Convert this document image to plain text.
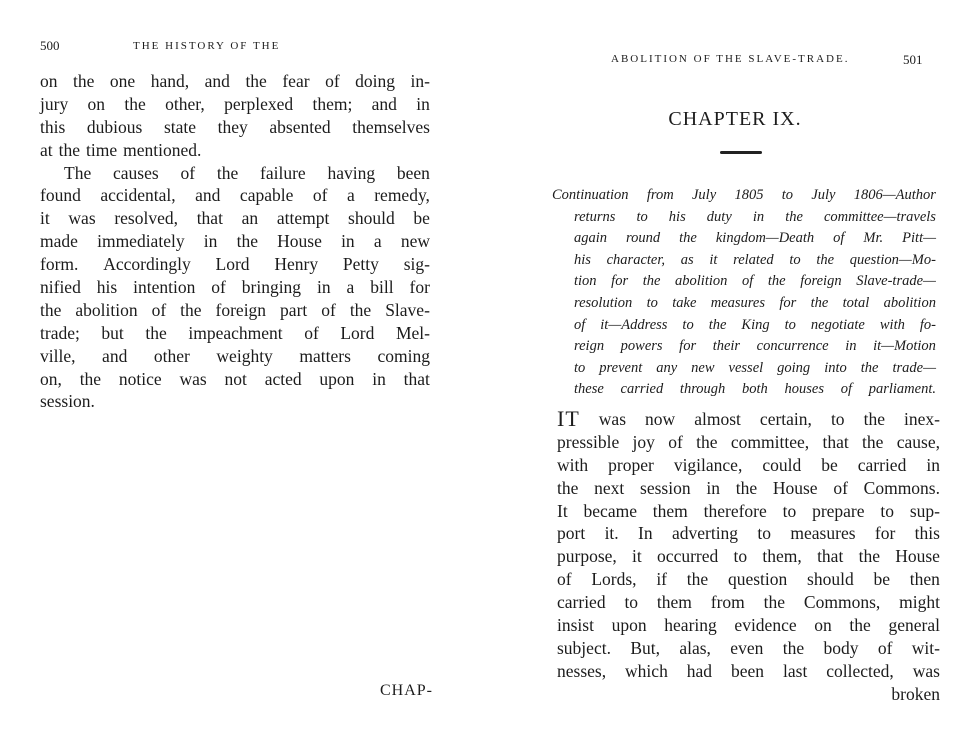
500	THE HISTORY OF THE
on the one hand, and the fear of doing in-
jury on the other, perplexed them; and in
this dubious state they absented themselves
at the time mentioned.
The causes of the failure having been
found accidental, and capable of a remedy,
it was resolved, that an attempt should be
made immediately in the House in a new
form. Accordingly Lord Henry Petty sig-
nified his intention of bringing in a bill for
the abolition of the foreign part of the Slave-
trade; but the impeachment of Lord Mel-
ville, and other weighty matters coming
on, the notice was not acted upon in that
session.
CHAP-
ABOLITION OF THE SLAVE-TRADE.	501
CHAPTER IX.
Continuation from July 1805 to July 1806—Author
returns to his duty in the committee—travels
again round the kingdom—Death of Mr. Pitt—
his character, as it related to the question—Mo-
tion for the abolition of the foreign Slave-trade—
resolution to take measures for the total abolition
of it—Address to the King to negotiate with fo-
reign powers for their concurrence in it—Motion
to prevent any new vessel going into the trade—
these carried through both houses of parliament.
IT was now almost certain, to the inex-
pressible joy of the committee, that the cause,
with proper vigilance, could be carried in
the next session in the House of Commons.
It became them therefore to prepare to sup-
port it. In adverting to measures for this
purpose, it occurred to them, that the House
of Lords, if the question should be then
carried to them from the Commons, might
insist upon hearing evidence on the general
subject. But, alas, even the body of wit-
nesses, which had been last collected, was
broken
